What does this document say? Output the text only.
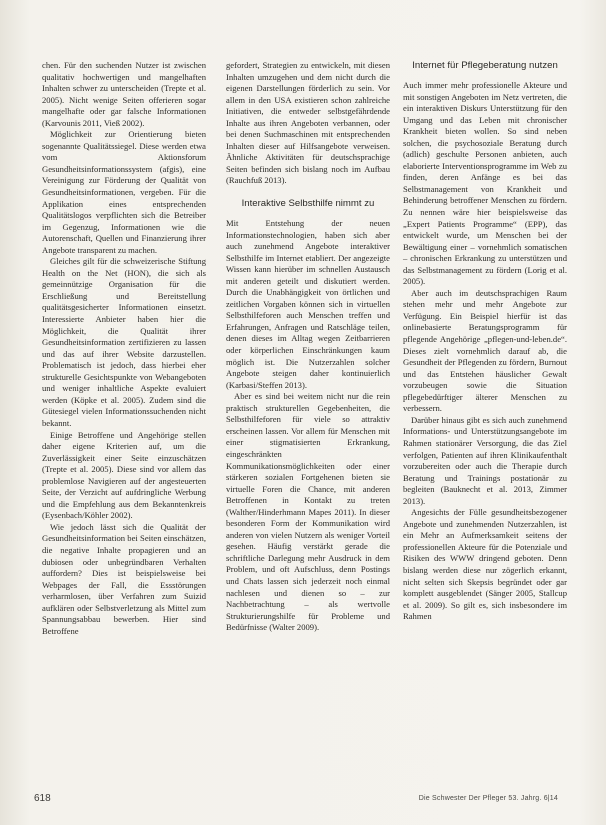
chen. Für den suchenden Nutzer ist zwischen qualitativ hochwertigen und mangelhaften Inhalten schwer zu unterscheiden (Trepte et al. 2005). Nicht wenige Seiten offerieren sogar mangelhafte oder gar falsche Informationen (Karvounis 2011, Vieß 2002).

Möglichkeit zur Orientierung bieten sogenannte Qualitätssiegel. Diese werden etwa vom Aktionsforum Gesundheitsinformationssystem (afgis), eine Vereinigung zur Förderung der Qualität von Gesundheitsinformationen, vergeben. Für die Applikation eines entsprechenden Qualitätslogos verpflichten sich die Betreiber im Gegenzug, Informationen wie die Autorenschaft, Quellen und Finanzierung ihrer Angebote transparent zu machen.

Gleiches gilt für die schweizerische Stiftung Health on the Net (HON), die sich als gemeinnützige Organisation für die Erschließung und Bereitstellung qualitätsgesicherter Informationen einsetzt. Interessierte Anbieter haben hier die Möglichkeit, die Qualität ihrer Gesundheitsinformation zertifizieren zu lassen und das auf ihrer Website darzustellen. Problematisch ist jedoch, dass hierbei eher strukturelle Gesichtspunkte von Webangeboten und weniger inhaltliche Aspekte evaluiert werden (Köpke et al. 2005). Zudem sind die Gütesiegel vielen Informationssuchenden nicht bekannt.

Einige Betroffene und Angehörige stellen daher eigene Kriterien auf, um die Zuverlässigkeit einer Seite einzuschätzen (Trepte et al. 2005). Diese sind vor allem das problemlose Navigieren auf der angesteuerten Seite, der Verzicht auf aufdringliche Werbung und die Empfehlung aus dem Bekanntenkreis (Eysenbach/Köhler 2002).

Wie jedoch lässt sich die Qualität der Gesundheitsinformation bei Seiten einschätzen, die negative Inhalte propagieren und an dubiosen oder unbegründbaren Verhalten auffordern? Dies ist beispielsweise bei Webpages der Fall, die Essstörungen verharmlosen, über Verfahren zum Suizid aufklären oder Selbstverletzung als Mittel zum Spannungsabbau bewerben. Hier sind Betroffene

gefordert, Strategien zu entwickeln, mit diesen Inhalten umzugehen und dem nicht durch die eigenen Darstellungen förderlich zu sein. Vor allem in den USA existieren schon zahlreiche Initiativen, die entweder selbstgefährdende Inhalte aus ihren Angeboten verbannen, oder bei denen Suchmaschinen mit entsprechenden Inhalten dieser auf Hilfsangebote verweisen. Ähnliche Aktivitäten für deutschsprachige Seiten befinden sich bislang noch im Aufbau (Rauchfuß 2013).

Interaktive Selbsthilfe nimmt zu

Mit Entstehung der neuen Informationstechnologien, haben sich aber auch zunehmend Angebote interaktiver Selbsthilfe im Internet etabliert. Der angezeigte Wissen kann hierüber im schnellen Austausch mit anderen geteilt und diskutiert werden. Durch die Unabhängigkeit von örtlichen und zeitlichen Vorgaben können sich in virtuellen Selbsthilfeforen auch Menschen treffen und Erfahrungen, Anfragen und Ratschläge teilen, denen dieses im Alltag wegen Zeitbarrieren oder körperlichen Einschränkungen kaum möglich ist. Die Nutzerzahlen solcher Angebote steigen daher kontinuierlich (Karbasi/Steffen 2013).

Aber es sind bei weitem nicht nur die rein praktisch strukturellen Gegebenheiten, die Selbsthilfeforen für viele so attraktiv erscheinen lassen. Vor allem für Menschen mit einer stigmatisierten Erkrankung, eingeschränkten Kommunikationsmöglichkeiten oder einer stärkeren sozialen Fortgehenen bieten sie virtuelle Foren die Chance, mit anderen Betroffenen in Kontakt zu treten (Walther/Hinderhmann Mapes 2011). In dieser besonderen Form der Kommunikation wird anderen von vielen Nutzern als weniger Vorteil gesehen. Häufig verstärkt gerade die schriftliche Darlegung mehr Ausdruck in dem Problem, und oft Aufschluss, denn Postings und Chats lassen sich jederzeit noch einmal nachlesen und dienen so – zur Nachbetrachtung – als wertvolle Strukturierungshilfe für Probleme und Bedürfnisse (Walter 2009).

Internet für Pflegeberatung nutzen

Auch immer mehr professionelle Akteure und mit sonstigen Angeboten im Netz vertreten, die ein interaktiven Diskurs Unterstützung für den Umgang und das Leben mit chronischer Krankheit bieten wollen. So sind neben solchen, die psychosoziale Beratung durch (adlich) geschulte Personen anbieten, auch elaborierte Interventionsprogramme im Web zu finden, deren Anfänge es bei das Selbstmanagement von Krankheit und Behinderung betroffener Menschen zu fördern. Zu nennen wäre hier beispielsweise das „Expert Patients Programme“ (EPP), das entwickelt wurde, um Menschen bei der Bewältigung einer – vornehmlich somatischen – chronischen Erkrankung zu unterstützen und das Selbstmanagement zu fördern (Lorig et al. 2005).

Aber auch im deutschsprachigen Raum stehen mehr und mehr Angebote zur Verfügung. Ein Beispiel hierfür ist das onlinebasierte Beratungsprogramm für pflegende Angehörige „pflegen-und-leben.de“. Dieses zielt vornehmlich darauf ab, die Gesundheit der Pflegenden zu fördern, Burnout und das Entstehen häuslicher Gewalt vorzubeugen sowie die Situation pflegebedürftiger älterer Menschen zu verbessern.

Darüber hinaus gibt es sich auch zunehmend Informations- und Unterstützungsangebote im Rahmen stationärer Versorgung, die das Ziel verfolgen, Patienten auf ihren Klinikaufenthalt vorzubereiten oder auch die Therapie durch Beratung und Trainings postationär zu begleiten (Bauknecht et al. 2013, Zimmer 2013).

Angesichts der Fülle gesundheitsbezogener Angebote und zunehmenden Nutzerzahlen, ist ein Mehr an Aufmerksamkeit seitens der professionellen Akteure für die Potenziale und Risiken des WWW dringend geboten. Denn bislang werden diese nur zögerlich erkannt, nicht selten sich Skepsis begründet oder gar komplett ausgeblendet (Sänger 2005, Stallcup et al. 2009). So gilt es, sich insbesondere im Rahmen

618	Die Schwester Der Pfleger 53. Jahrg. 6|14
